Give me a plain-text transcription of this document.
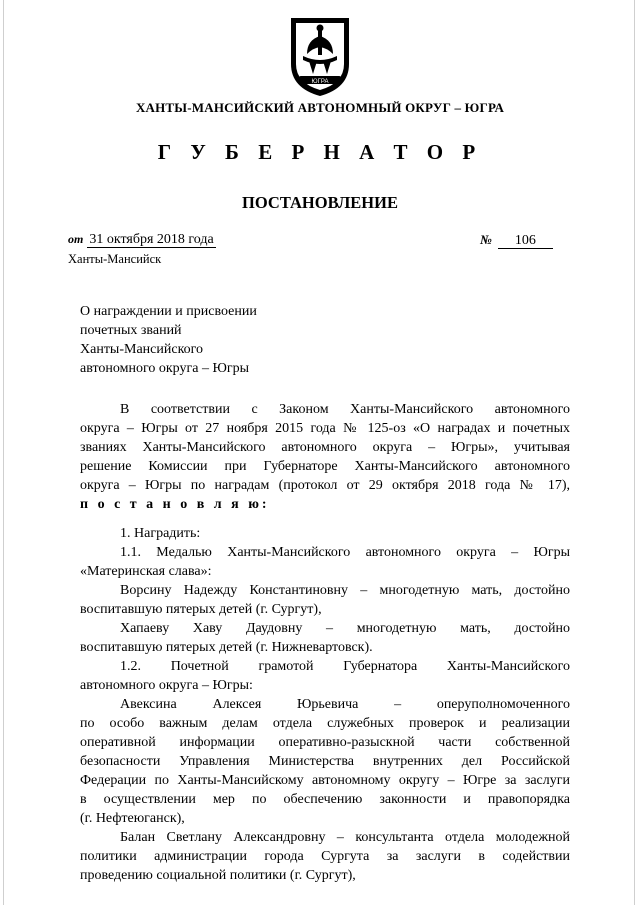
ЮГРА
ХАНТЫ-МАНСИЙСКИЙ АВТОНОМНЫЙ ОКРУГ – ЮГРА
Г У Б Е Р Н А Т О Р
ПОСТАНОВЛЕНИЕ
от 31 октября 2018 года	№ 106
Ханты-Мансийск
О награждении и присвоении
почетных званий
Ханты-Мансийского
автономного округа – Югры
В соответствии с Законом Ханты-Мансийского автономного
округа – Югры от 27 ноября 2015 года № 125-оз «О наградах и почетных
званиях Ханты-Мансийского автономного округа – Югры», учитывая
решение Комиссии при Губернаторе Ханты-Мансийского автономного
округа – Югры по наградам (протокол от 29 октября 2018 года № 17),
п о с т а н о в л я ю:
1. Наградить:
1.1. Медалью Ханты-Мансийского автономного округа – Югры
«Материнская слава»:
Ворсину Надежду Константиновну – многодетную мать, достойно
воспитавшую пятерых детей (г. Сургут),
Хапаеву Хаву Даудовну – многодетную мать, достойно
воспитавшую пятерых детей (г. Нижневартовск).
1.2. Почетной грамотой Губернатора Ханты-Мансийского
автономного округа – Югры:
Авексина Алексея Юрьевича – оперуполномоченного
по особо важным делам отдела служебных проверок и реализации
оперативной информации оперативно-разыскной части собственной
безопасности Управления Министерства внутренних дел Российской
Федерации по Ханты-Мансийскому автономному округу – Югре за заслуги
в осуществлении мер по обеспечению законности и правопорядка
(г. Нефтеюганск),
Балан Светлану Александровну – консультанта отдела молодежной
политики администрации города Сургута за заслуги в содействии
проведению социальной политики (г. Сургут),
